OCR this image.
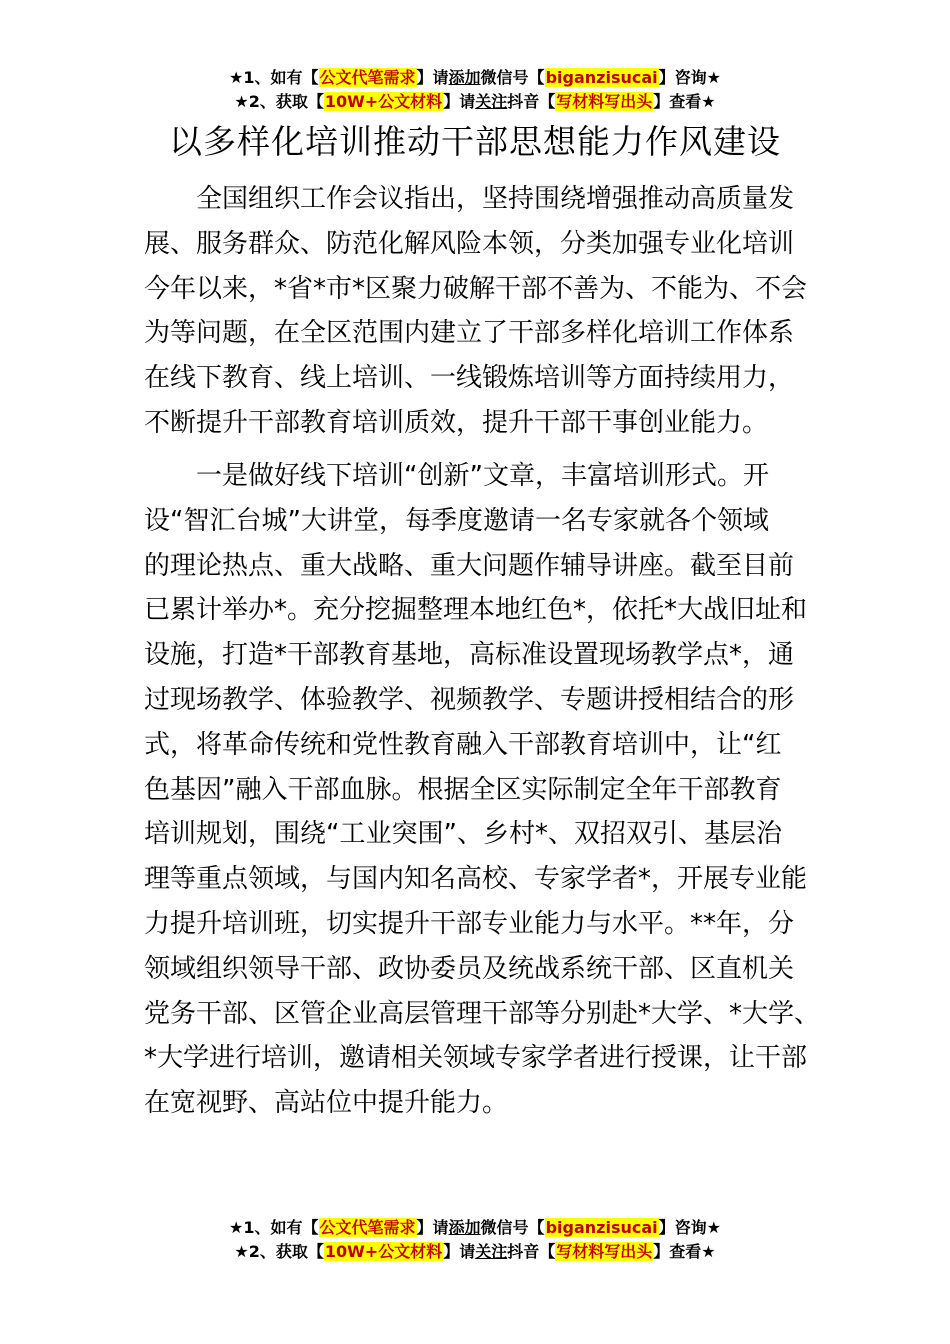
★1、如有【公文代笔需求】请添加微信号【biganzisucai】咨询★
★2、获取【10W+公文材料】请关注抖音【写材料写出头】查看★
以多样化培训推动干部思想能力作风建设
　　全国组织工作会议指出，坚持围绕增强推动高质量发
展、服务群众、防范化解风险本领，分类加强专业化培训
今年以来，*省*市*区聚力破解干部不善为、不能为、不会
为等问题，在全区范围内建立了干部多样化培训工作体系
在线下教育、线上培训、一线锻炼培训等方面持续用力，
不断提升干部教育培训质效，提升干部干事创业能力。
　　一是做好线下培训“创新”文章，丰富培训形式。开
设“智汇台城”大讲堂，每季度邀请一名专家就各个领域
的理论热点、重大战略、重大问题作辅导讲座。截至目前
已累计举办*。充分挖掘整理本地红色*，依托*大战旧址和
设施，打造*干部教育基地，高标准设置现场教学点*，通
过现场教学、体验教学、视频教学、专题讲授相结合的形
式，将革命传统和党性教育融入干部教育培训中，让“红
色基因”融入干部血脉。根据全区实际制定全年干部教育
培训规划，围绕“工业突围”、乡村*、双招双引、基层治
理等重点领域，与国内知名高校、专家学者*，开展专业能
力提升培训班，切实提升干部专业能力与水平。**年，分
领域组织领导干部、政协委员及统战系统干部、区直机关
党务干部、区管企业高层管理干部等分别赴*大学、*大学、
*大学进行培训，邀请相关领域专家学者进行授课，让干部
在宽视野、高站位中提升能力。
★1、如有【公文代笔需求】请添加微信号【biganzisucai】咨询★
★2、获取【10W+公文材料】请关注抖音【写材料写出头】查看★
